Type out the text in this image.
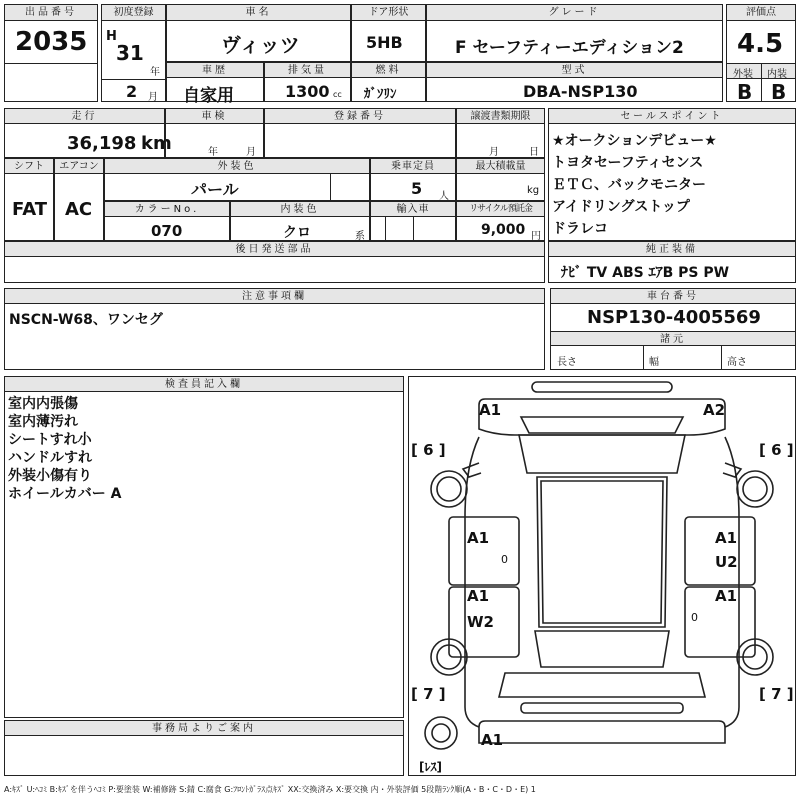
出品番号
2035
初度登録
H
31
年
2 月
車名
ヴィッツ
ドア形状
5HB
グレード
F セーフティーエディション2
評価点
4.5
外装 内装
B B
車歴
自家用
排気量
1300 cc
燃料
ｶﾞｿﾘﾝ
型式
DBA-NSP130
走行
36,198 km
車検
年	月
登録番号	譲渡書類期限
月	日
シフト
FAT
エアコン
AC
外装色
パール
乗車定員
5 人
最大積載量
kg
カラーNo.
070
内装色
クロ	系
輸入車	リサイクル預託金
9,000 円
後日発送部品
セールスポイント
★オークションデビュー★
トヨタセーフティセンス
ＥＴＣ、バックモニター
アイドリングストップ
ドラレコ
純正装備
ﾅﾋﾞ TV ABS ｴｱB PS PW
注意事項欄
NSCN-W68、ワンセグ
車台番号
NSP130-4005569
諸元
長さ	幅	高さ
検査員記入欄
室内内張傷
室内薄汚れ
シートすれ小
ハンドルすれ
外装小傷有り
ホイールカバー A
事務局よりご案内
A1	A2
[ 6 ]	[ 6 ]
A1
0
A1
U2
A1
W2
A1
0
[ 7 ]	[ 7 ]
A1
[ﾚｽ]
A:ｷｽﾞ U:ﾍｺﾐ B:ｷｽﾞを伴うﾍｺﾐ P:要塗装 W:補修跡 S:錆 C:腐食 G:ﾌﾛﾝﾄｶﾞﾗｽ点ｷｽﾞ XX:交換済み X:要交換 内・外装評価 5段階ﾗﾝｸ順(A・B・C・D・E) 1
